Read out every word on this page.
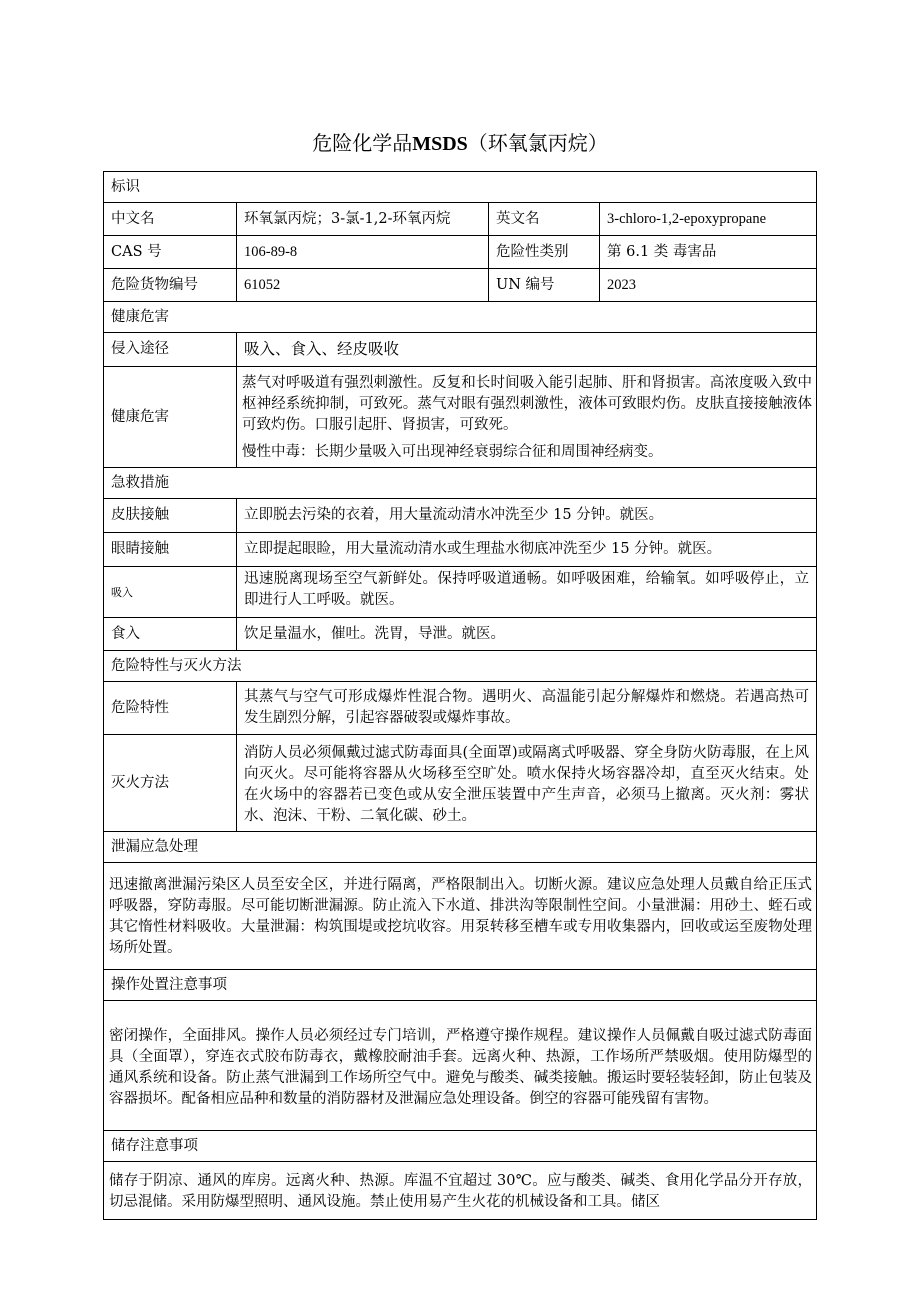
危险化学品MSDS（环氧氯丙烷）
标识			
中文名	环氧氯丙烷；3-氯-1,2-环氧丙烷	英文名	3-chloro-1,2-epoxypropane
CAS 号	106-89-8	危险性类别	第 6.1 类 毒害品
危险货物编号	61052	UN 编号	2023
健康危害			
侵入途径	吸入、食入、经皮吸收		
健康危害	蒸气对呼吸道有强烈刺激性。反复和长时间吸入能引起肺、肝和肾损害。高浓度吸入致中枢神经系统抑制，可致死。蒸气对眼有强烈刺激性，液体可致眼灼伤。皮肤直接接触液体可致灼伤。口服引起肝、肾损害，可致死。
慢性中毒：长期少量吸入可出现神经衰弱综合征和周围神经病变。		

急救措施			
皮肤接触	立即脱去污染的衣着，用大量流动清水冲洗至少 15 分钟。就医。		
眼睛接触	立即提起眼睑，用大量流动清水或生理盐水彻底冲洗至少 15 分钟。就医。		
吸入	迅速脱离现场至空气新鲜处。保持呼吸道通畅。如呼吸困难，给输氧。如呼吸停止，立即进行人工呼吸。就医。		
食入	饮足量温水，催吐。洗胃，导泄。就医。		
危险特性与灭火方法			
危险特性	其蒸气与空气可形成爆炸性混合物。遇明火、高温能引起分解爆炸和燃烧。若遇高热可发生剧烈分解，引起容器破裂或爆炸事故。		
灭火方法	消防人员必须佩戴过滤式防毒面具(全面罩)或隔离式呼吸器、穿全身防火防毒服，在上风向灭火。尽可能将容器从火场移至空旷处。喷水保持火场容器冷却，直至灭火结束。处在火场中的容器若已变色或从安全泄压装置中产生声音，必须马上撤离。灭火剂：雾状水、泡沫、干粉、二氧化碳、砂土。		
泄漏应急处理			
迅速撤离泄漏污染区人员至安全区，并进行隔离，严格限制出入。切断火源。建议应急处理人员戴自给正压式呼吸器，穿防毒服。尽可能切断泄漏源。防止流入下水道、排洪沟等限制性空间。小量泄漏：用砂土、蛭石或其它惰性材料吸收。大量泄漏：构筑围堤或挖坑收容。用泵转移至槽车或专用收集器内，回收或运至废物处理场所处置。			
操作处置注意事项			
密闭操作，全面排风。操作人员必须经过专门培训，严格遵守操作规程。建议操作人员佩戴自吸过滤式防毒面具（全面罩），穿连衣式胶布防毒衣，戴橡胶耐油手套。远离火种、热源，工作场所严禁吸烟。使用防爆型的通风系统和设备。防止蒸气泄漏到工作场所空气中。避免与酸类、碱类接触。搬运时要轻装轻卸，防止包装及容器损坏。配备相应品种和数量的消防器材及泄漏应急处理设备。倒空的容器可能残留有害物。			
储存注意事项			
储存于阴凉、通风的库房。远离火种、热源。库温不宜超过 30℃。应与酸类、碱类、食用化学品分开存放，切忌混储。采用防爆型照明、通风设施。禁止使用易产生火花的机械设备和工具。储区			
